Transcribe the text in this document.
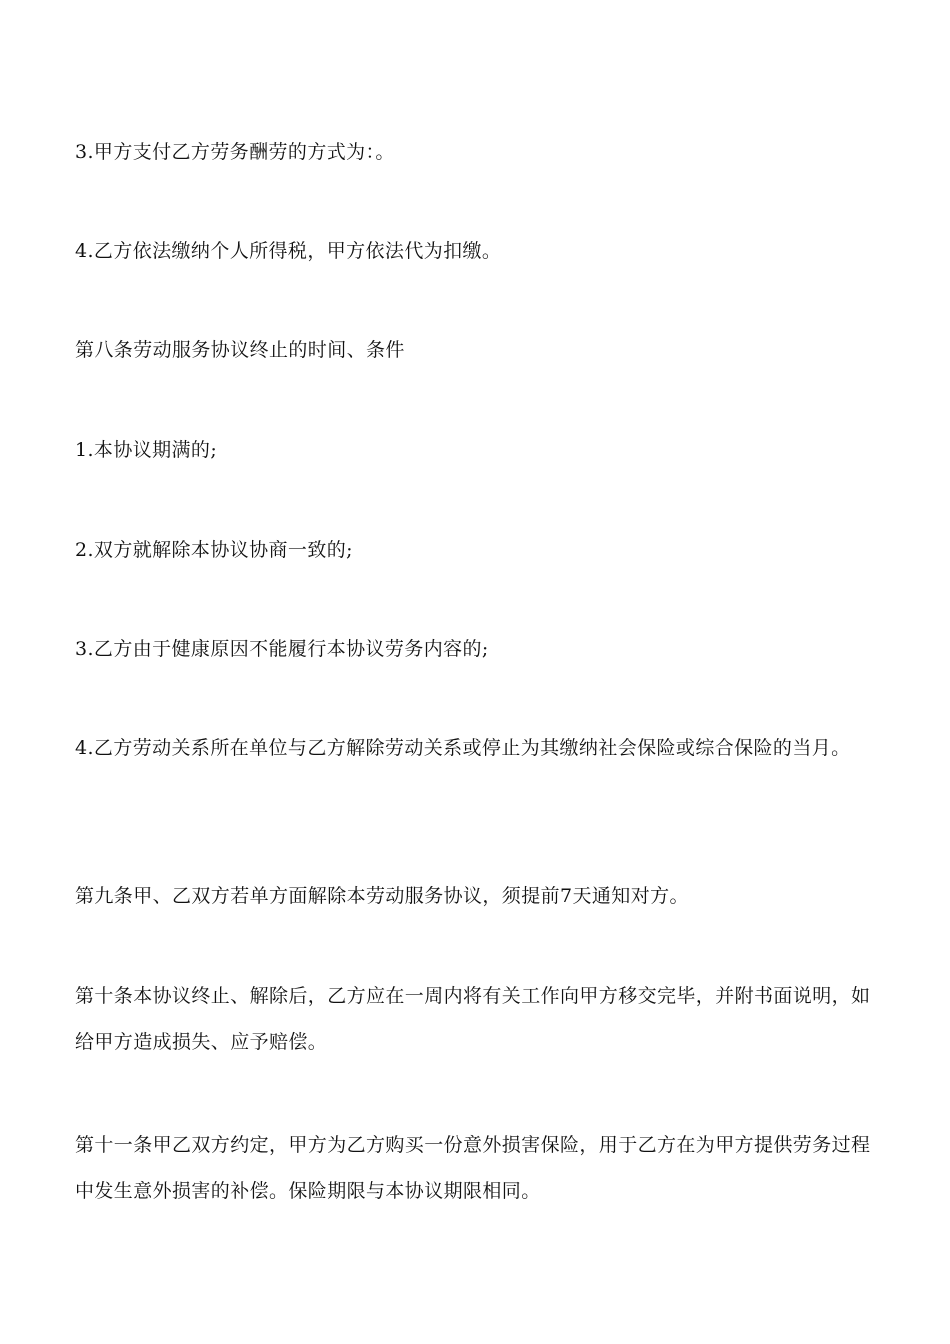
3.甲方支付乙方劳务酬劳的方式为：。

4.乙方依法缴纳个人所得税，甲方依法代为扣缴。

第八条劳动服务协议终止的时间、条件

1.本协议期满的;

2.双方就解除本协议协商一致的;

3.乙方由于健康原因不能履行本协议劳务内容的;

4.乙方劳动关系所在单位与乙方解除劳动关系或停止为其缴纳社会保险或综合保险的当月。

第九条甲、乙双方若单方面解除本劳动服务协议，须提前7天通知对方。

第十条本协议终止、解除后，乙方应在一周内将有关工作向甲方移交完毕，并附书面说明，如给甲方造成损失、应予赔偿。

第十一条甲乙双方约定，甲方为乙方购买一份意外损害保险，用于乙方在为甲方提供劳务过程中发生意外损害的补偿。保险期限与本协议期限相同。
